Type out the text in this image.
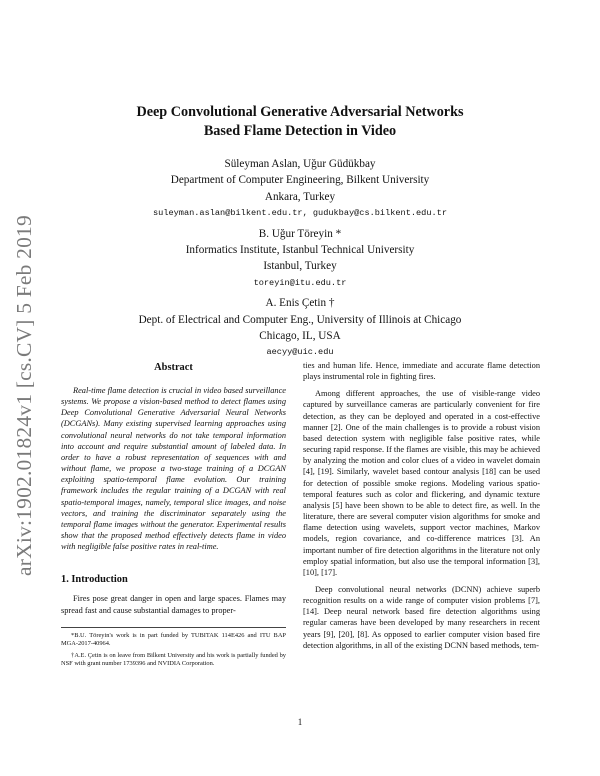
arXiv:1902.01824v1 [cs.CV] 5 Feb 2019
Deep Convolutional Generative Adversarial Networks
Based Flame Detection in Video
Süleyman Aslan, Uğur Güdükbay
Department of Computer Engineering, Bilkent University
Ankara, Turkey
suleyman.aslan@bilkent.edu.tr, gudukbay@cs.bilkent.edu.tr
B. Uğur Töreyin *
Informatics Institute, Istanbul Technical University
Istanbul, Turkey
toreyin@itu.edu.tr
A. Enis Çetin †
Dept. of Electrical and Computer Eng., University of Illinois at Chicago
Chicago, IL, USA
aecyy@uic.edu
Abstract

Real-time flame detection is crucial in video based surveillance systems. We propose a vision-based method to detect flames using Deep Convolutional Generative Adversarial Neural Networks (DCGANs). Many existing supervised learning approaches using convolutional neural networks do not take temporal information into account and require substantial amount of labeled data. In order to have a robust representation of sequences with and without flame, we propose a two-stage training of a DCGAN exploiting spatio-temporal flame evolution. Our training framework includes the regular training of a DCGAN with real spatio-temporal images, namely, temporal slice images, and noise vectors, and training the discriminator separately using the temporal flame images without the generator. Experimental results show that the proposed method effectively detects flame in video with negligible false positive rates in real-time.

1. Introduction

Fires pose great danger in open and large spaces. Flames may spread fast and cause substantial damages to proper-

*B.U. Töreyin's work is in part funded by TUBITAK 114E426 and ITU BAP MGA-2017-40964.

†A.E. Çetin is on leave from Bilkent University and his work is partially funded by NSF with grant number 1739396 and NVIDIA Corporation.

ties and human life. Hence, immediate and accurate flame detection plays instrumental role in fighting fires.

Among different approaches, the use of visible-range video captured by surveillance cameras are particularly convenient for fire detection, as they can be deployed and operated in a cost-effective manner [2]. One of the main challenges is to provide a robust vision based detection system with negligible false positive rates, while securing rapid response. If the flames are visible, this may be achieved by analyzing the motion and color clues of a video in wavelet domain [4], [19]. Similarly, wavelet based contour analysis [18] can be used for detection of possible smoke regions. Modeling various spatio-temporal features such as color and flickering, and dynamic texture analysis [5] have been shown to be able to detect fire, as well. In the literature, there are several computer vision algorithms for smoke and flame detection using wavelets, support vector machines, Markov models, region covariance, and co-difference matrices [3]. An important number of fire detection algorithms in the literature not only employ spatial information, but also use the temporal information [3], [10], [17].

Deep convolutional neural networks (DCNN) achieve superb recognition results on a wide range of computer vision problems [7], [14]. Deep neural network based fire detection algorithms using regular cameras have been developed by many researchers in recent years [9], [20], [8]. As opposed to earlier computer vision based fire detection algorithms, in all of the existing DCNN based methods, tem-

1
